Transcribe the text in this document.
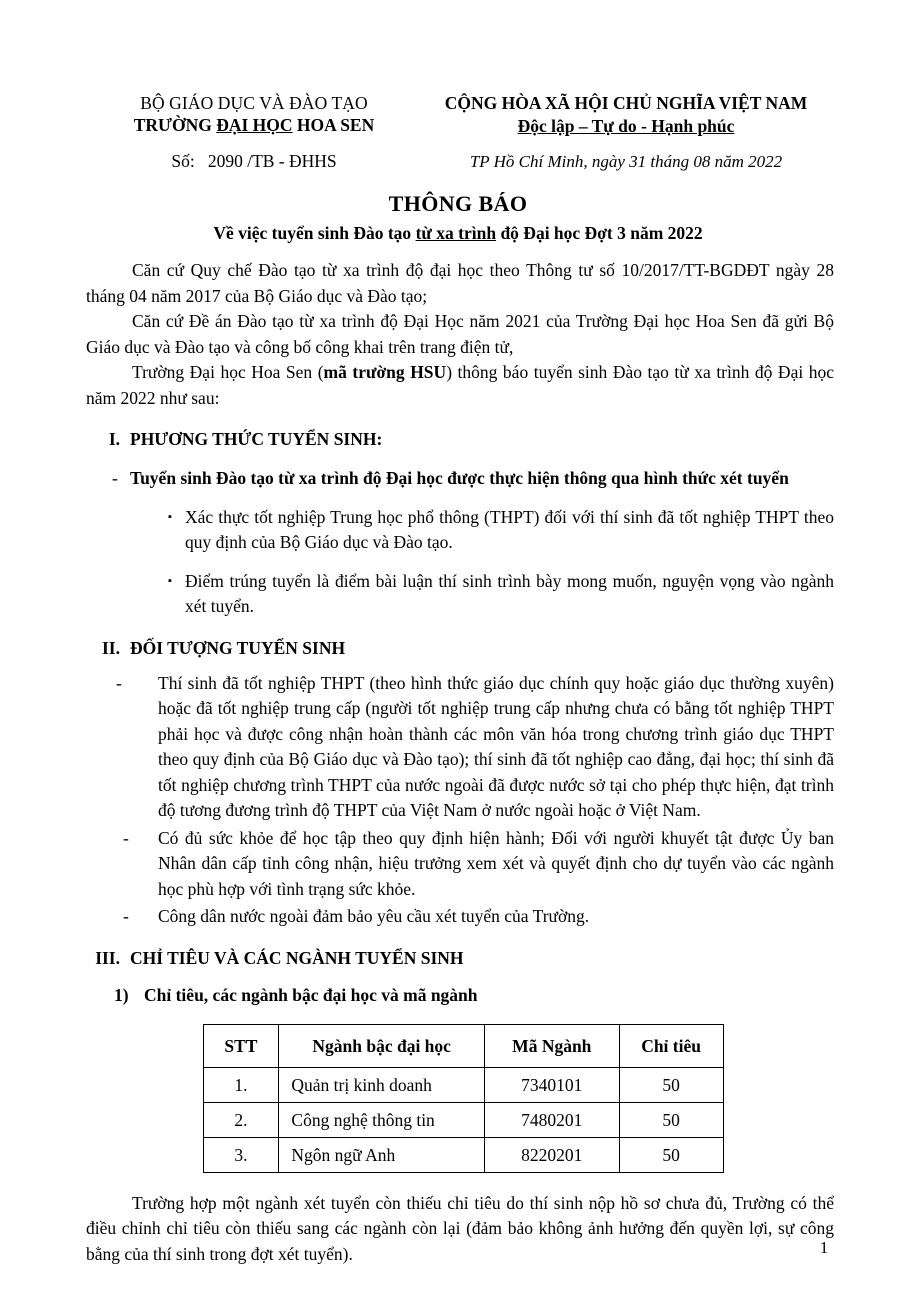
BỘ GIÁO DỤC VÀ ĐÀO TẠO
TRƯỜNG ĐẠI HỌC HOA SEN
Số: 2090 /TB - ĐHHS
CỘNG HÒA XÃ HỘI CHỦ NGHĨA VIỆT NAM
Độc lập – Tự do - Hạnh phúc
TP Hồ Chí Minh, ngày 31 tháng 08 năm 2022
THÔNG BÁO
Về việc tuyển sinh Đào tạo từ xa trình độ Đại học Đợt 3 năm 2022

Căn cứ Quy chế Đào tạo từ xa trình độ đại học theo Thông tư số 10/2017/TT-BGDĐT ngày 28 tháng 04 năm 2017 của Bộ Giáo dục và Đào tạo;

Căn cứ Đề án Đào tạo từ xa trình độ Đại Học năm 2021 của Trường Đại học Hoa Sen đã gửi Bộ Giáo dục và Đào tạo và công bố công khai trên trang điện tử,

Trường Đại học Hoa Sen (mã trường HSU) thông báo tuyển sinh Đào tạo từ xa trình độ Đại học năm 2022 như sau:

I. PHƯƠNG THỨC TUYỂN SINH:
- Tuyển sinh Đào tạo từ xa trình độ Đại học được thực hiện thông qua hình thức xét tuyển
▪ Xác thực tốt nghiệp Trung học phổ thông (THPT) đối với thí sinh đã tốt nghiệp THPT theo quy định của Bộ Giáo dục và Đào tạo.
▪ Điểm trúng tuyển là điểm bài luận thí sinh trình bày mong muốn, nguyện vọng vào ngành xét tuyển.
II. ĐỐI TƯỢNG TUYỂN SINH
-	Thí sinh đã tốt nghiệp THPT (theo hình thức giáo dục chính quy hoặc giáo dục thường xuyên) hoặc đã tốt nghiệp trung cấp (người tốt nghiệp trung cấp nhưng chưa có bằng tốt nghiệp THPT phải học và được công nhận hoàn thành các môn văn hóa trong chương trình giáo dục THPT theo quy định của Bộ Giáo dục và Đào tạo); thí sinh đã tốt nghiệp cao đẳng, đại học; thí sinh đã tốt nghiệp chương trình THPT của nước ngoài đã được nước sở tại cho phép thực hiện, đạt trình độ tương đương trình độ THPT của Việt Nam ở nước ngoài hoặc ở Việt Nam.
-	Có đủ sức khỏe để học tập theo quy định hiện hành; Đối với người khuyết tật được Ủy ban Nhân dân cấp tỉnh công nhận, hiệu trưởng xem xét và quyết định cho dự tuyển vào các ngành học phù hợp với tình trạng sức khỏe.
-	Công dân nước ngoài đảm bảo yêu cầu xét tuyển của Trường.
III. CHỈ TIÊU VÀ CÁC NGÀNH TUYỂN SINH
1) Chỉ tiêu, các ngành bậc đại học và mã ngành
STT	Ngành bậc đại học	Mã Ngành	Chỉ tiêu
1.	Quản trị kinh doanh	7340101	50
2.	Công nghệ thông tin	7480201	50
3.	Ngôn ngữ Anh	8220201	50

Trường hợp một ngành xét tuyển còn thiếu chỉ tiêu do thí sinh nộp hồ sơ chưa đủ, Trường có thể điều chỉnh chỉ tiêu còn thiếu sang các ngành còn lại (đảm bảo không ảnh hưởng đến quyền lợi, sự công bằng của thí sinh trong đợt xét tuyển).	1
